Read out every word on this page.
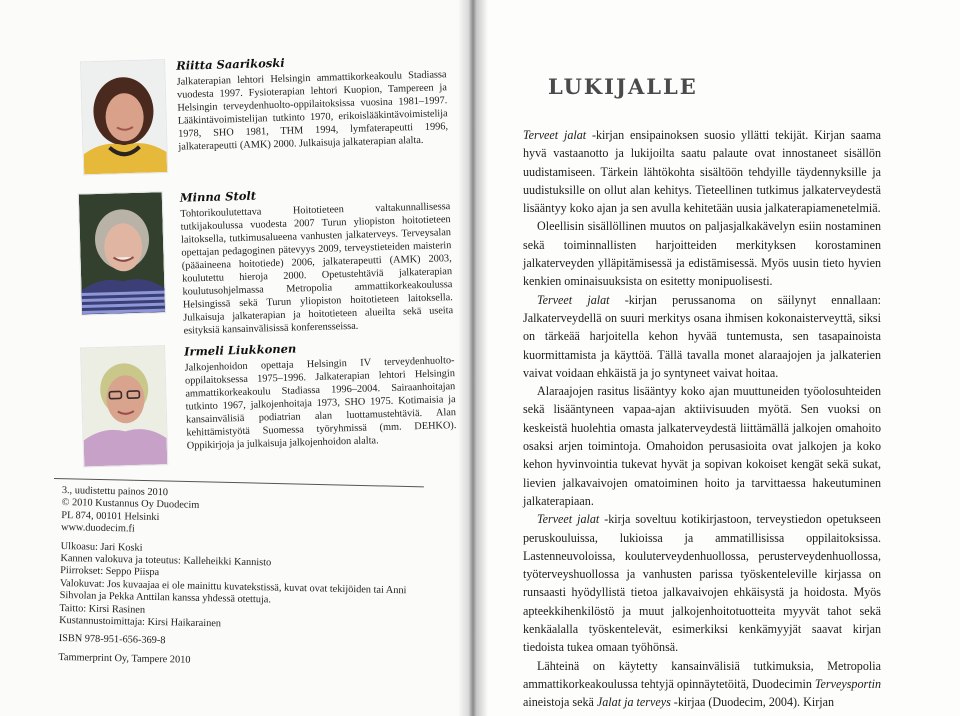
Riitta Saarikoski

Jalkaterapian lehtori Helsingin ammattikorkeakoulu Stadiassa vuodesta 1997. Fysioterapian lehtori Kuopion, Tampereen ja Helsingin terveydenhuolto-oppilaitoksissa vuosina 1981–1997. Lääkintävoimistelijan tutkinto 1970, erikoislääkintävoimistelija 1978, SHO 1981, THM 1994, lymfaterapeutti 1996, jalkaterapeutti (AMK) 2000. Julkaisuja jalkaterapian alalta.

Minna Stolt

Tohtorikoulutettava Hoitotieteen valtakunnallisessa tutkijakoulussa vuodesta 2007 Turun yliopiston hoitotieteen laitoksella, tutkimusalueena vanhusten jalkaterveys. Terveysalan opettajan pedagoginen pätevyys 2009, terveystieteiden maisterin (pääaineena hoitotiede) 2006, jalkaterapeutti (AMK) 2003, koulutettu hieroja 2000. Opetustehtäviä jalkaterapian koulutusohjelmassa Metropolia ammattikorkeakoulussa Helsingissä sekä Turun yliopiston hoitotieteen laitoksella. Julkaisuja jalkaterapian ja hoitotieteen alueilta sekä useita esityksiä kansainvälisissä konferensseissa.

Irmeli Liukkonen

Jalkojenhoidon opettaja Helsingin IV terveydenhuolto-oppilaitoksessa 1975–1996. Jalkaterapian lehtori Helsingin ammattikorkeakoulu Stadiassa 1996–2004. Sairaanhoitajan tutkinto 1967, jalkojenhoitaja 1973, SHO 1975. Kotimaisia ja kansainvälisiä podiatrian alan luottamustehtäviä. Alan kehittämistyötä Suomessa työryhmissä (mm. DEHKO). Oppikirjoja ja julkaisuja jalkojenhoidon alalta.

3., uudistettu painos 2010

© 2010 Kustannus Oy Duodecim

PL 874, 00101 Helsinki

www.duodecim.fi

Ulkoasu: Jari Koski

Kannen valokuva ja toteutus: Kalleheikki Kannisto

Piirrokset: Seppo Piispa

Valokuvat: Jos kuvaajaa ei ole mainittu kuvatekstissä, kuvat ovat tekijöiden tai Anni Sihvolan ja Pekka Anttilan kanssa yhdessä otettuja.

Taitto: Kirsi Rasinen

Kustannustoimittaja: Kirsi Haikarainen

ISBN 978-951-656-369-8

Tammerprint Oy, Tampere 2010

LUKIJALLE

Terveet jalat -kirjan ensipainoksen suosio yllätti tekijät. Kirjan saama hyvä vastaanotto ja lukijoilta saatu palaute ovat innostaneet sisällön uudistamiseen. Tärkein lähtökohta sisältöön tehdyille täydennyksille ja uudistuksille on ollut alan kehitys. Tieteellinen tutkimus jalkaterveydestä lisääntyy koko ajan ja sen avulla kehitetään uusia jalkaterapiamenetelmiä.

Oleellisin sisällöllinen muutos on paljasjalkakävelyn esiin nostaminen sekä toiminnallisten harjoitteiden merkityksen korostaminen jalkaterveyden ylläpitämisessä ja edistämisessä. Myös uusin tieto hyvien kenkien ominaisuuksista on esitetty monipuolisesti.

Terveet jalat -kirjan perussanoma on säilynyt ennallaan: Jalkaterveydellä on suuri merkitys osana ihmisen kokonaisterveyttä, siksi on tärkeää harjoitella kehon hyvää tuntemusta, sen tasapainoista kuormittamista ja käyttöä. Tällä tavalla monet alaraajojen ja jalkaterien vaivat voidaan ehkäistä ja jo syntyneet vaivat hoitaa.

Alaraajojen rasitus lisääntyy koko ajan muuttuneiden työolosuhteiden sekä lisääntyneen vapaa-ajan aktiivisuuden myötä. Sen vuoksi on keskeistä huolehtia omasta jalkaterveydestä liittämällä jalkojen omahoito osaksi arjen toimintoja. Omahoidon perusasioita ovat jalkojen ja koko kehon hyvinvointia tukevat hyvät ja sopivan kokoiset kengät sekä sukat, lievien jalkavaivojen omatoiminen hoito ja tarvittaessa hakeutuminen jalkaterapiaan.

Terveet jalat -kirja soveltuu kotikirjastoon, terveystiedon opetukseen peruskouluissa, lukioissa ja ammatillisissa oppilaitoksissa. Lastenneuvoloissa, kouluterveydenhuollossa, perusterveydenhuollossa, työterveyshuollossa ja vanhusten parissa työskenteleville kirjassa on runsaasti hyödyllistä tietoa jalkavaivojen ehkäisystä ja hoidosta. Myös apteekkihenkilöstö ja muut jalkojenhoitotuotteita myyvät tahot sekä kenkäalalla työskentelevät, esimerkiksi kenkämyyjät saavat kirjan tiedoista tukea omaan työhönsä.

Lähteinä on käytetty kansainvälisiä tutkimuksia, Metropolia ammattikorkeakoulussa tehtyjä opinnäytetöitä, Duodecimin Terveysportin aineistoja sekä Jalat ja terveys -kirjaa (Duodecim, 2004). Kirjan
